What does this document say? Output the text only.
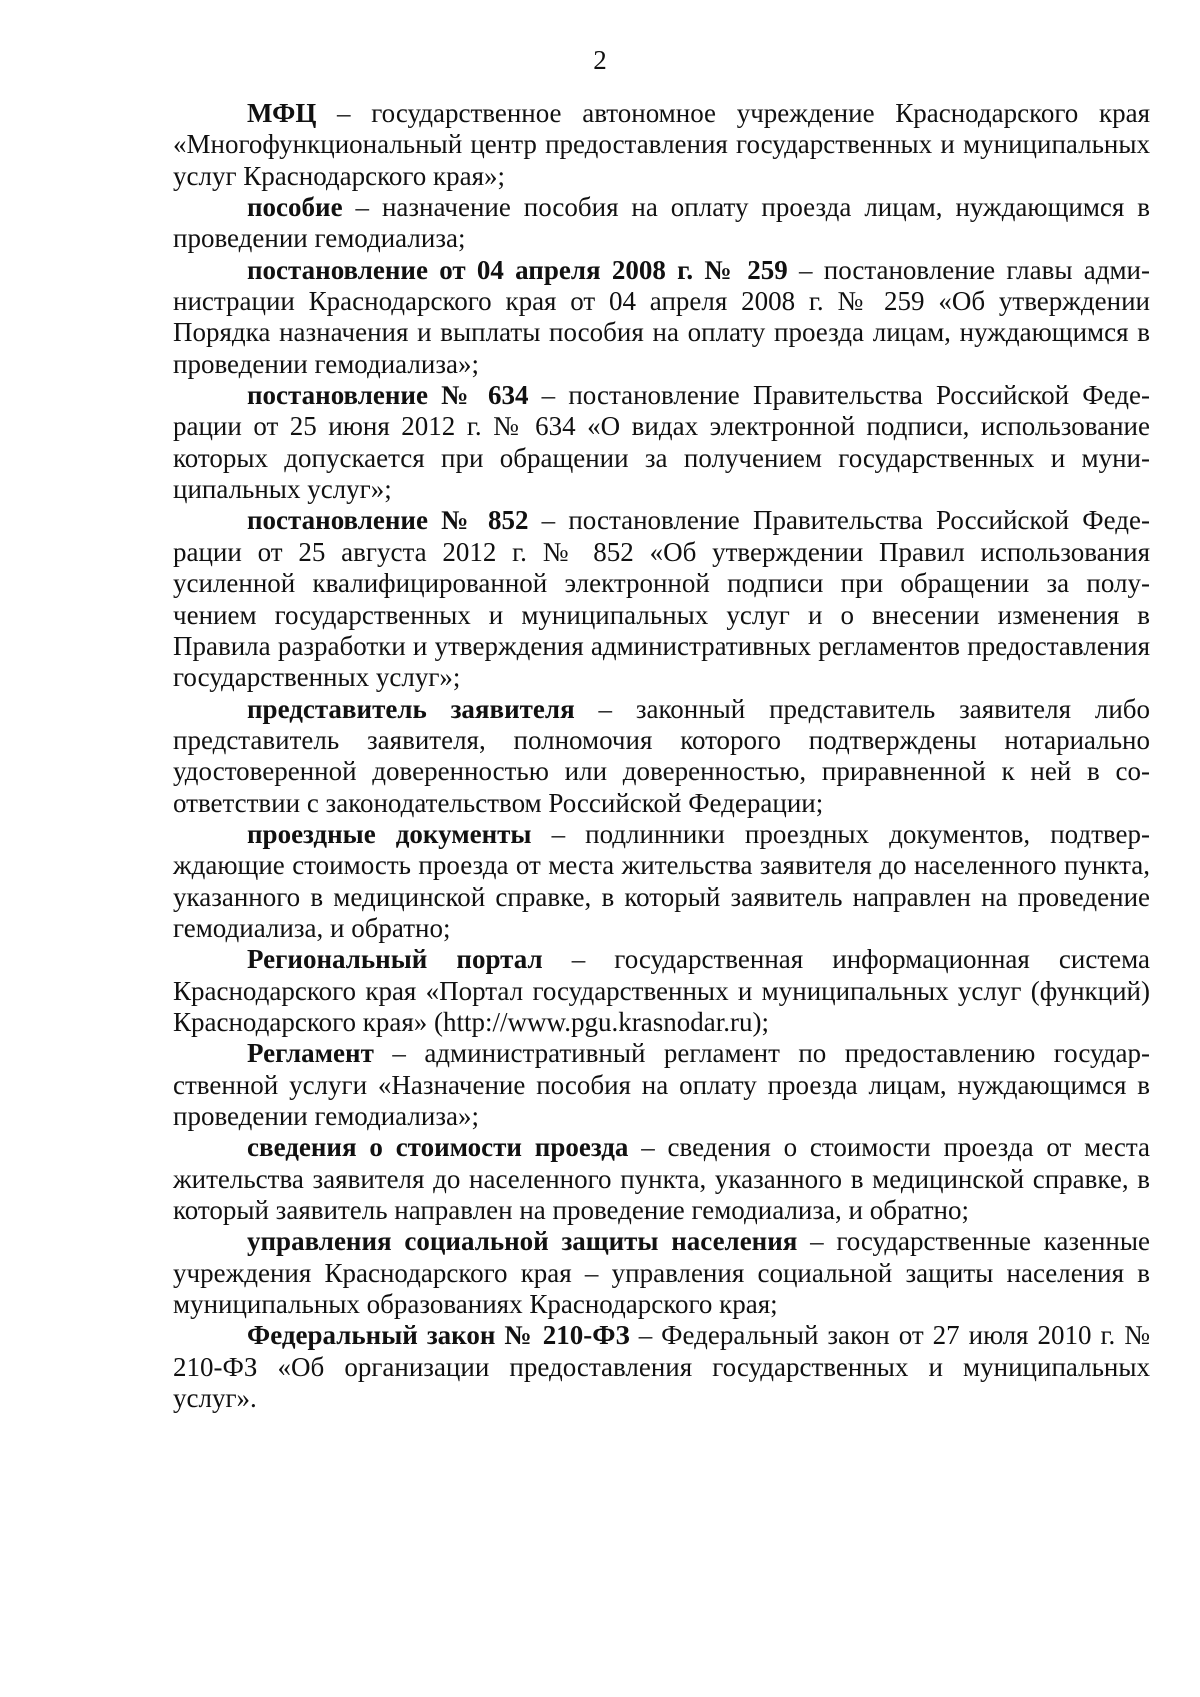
2

МФЦ – государственное автономное учреждение Краснодарского края «Многофункциональный центр предоставления государственных и муниципальных услуг Краснодарского края»;

пособие – назначение пособия на оплату проезда лицам, нуждающимся в проведении гемодиализа;

постановление от 04 апреля 2008 г. № 259 – постановление главы администрации Краснодарского края от 04 апреля 2008 г. № 259 «Об утверждении Порядка назначения и выплаты пособия на оплату проезда лицам, нуждающимся в проведении гемодиализа»;

постановление № 634 – постановление Правительства Российской Федерации от 25 июня 2012 г. № 634 «О видах электронной подписи, использование которых допускается при обращении за получением государственных и муниципальных услуг»;

постановление № 852 – постановление Правительства Российской Федерации от 25 августа 2012 г. № 852 «Об утверждении Правил использования усиленной квалифицированной электронной подписи при обращении за получением государственных и муниципальных услуг и о внесении изменения в Правила разработки и утверждения административных регламентов предоставления государственных услуг»;

представитель заявителя – законный представитель заявителя либо представитель заявителя, полномочия которого подтверждены нотариально удостоверенной доверенностью или доверенностью, приравненной к ней в соответствии с законодательством Российской Федерации;

проездные документы – подлинники проездных документов, подтверждающие стоимость проезда от места жительства заявителя до населенного пункта, указанного в медицинской справке, в который заявитель направлен на проведение гемодиализа, и обратно;

Региональный портал – государственная информационная система Краснодарского края «Портал государственных и муниципальных услуг (функций) Краснодарского края» (http://www.pgu.krasnodar.ru);

Регламент – административный регламент по предоставлению государственной услуги «Назначение пособия на оплату проезда лицам, нуждающимся в проведении гемодиализа»;

сведения о стоимости проезда – сведения о стоимости проезда от места жительства заявителя до населенного пункта, указанного в медицинской справке, в который заявитель направлен на проведение гемодиализа, и обратно;

управления социальной защиты населения – государственные казенные учреждения Краснодарского края – управления социальной защиты населения в муниципальных образованиях Краснодарского края;

Федеральный закон № 210-ФЗ – Федеральный закон от 27 июля 2010 г. № 210-ФЗ «Об организации предоставления государственных и муниципальных услуг».
